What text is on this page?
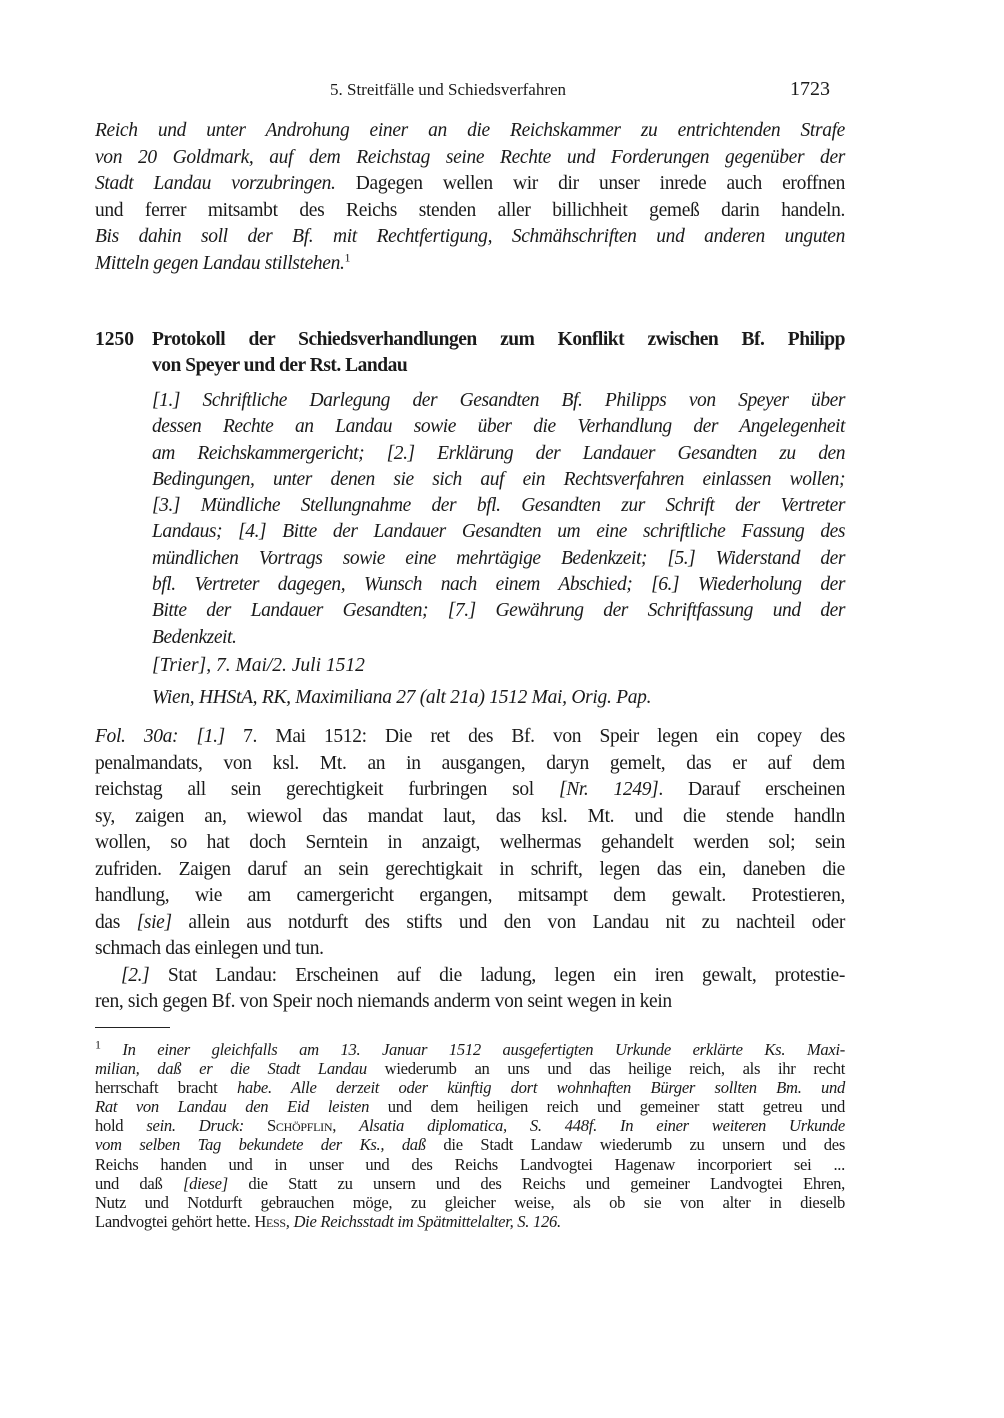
5. Streitfälle und Schiedsverfahren	1723
Reich und unter Androhung einer an die Reichskammer zu entrichtenden Strafe
von 20 Goldmark, auf dem Reichstag seine Rechte und Forderungen gegenüber der
Stadt Landau vorzubringen. Dagegen wellen wir dir unser inrede auch eroffnen
und ferrer mitsambt des Reichs stenden aller billichheit gemeß darin handeln.
Bis dahin soll der Bf. mit Rechtfertigung, Schmähschriften und anderen unguten
Mitteln gegen Landau stillstehen.$^1$
1250 Protokoll der Schiedsverhandlungen zum Konflikt zwischen Bf. Philipp
von Speyer und der Rst. Landau
[1.] Schriftliche Darlegung der Gesandten Bf. Philipps von Speyer über
dessen Rechte an Landau sowie über die Verhandlung der Angelegenheit
am Reichskammergericht; [2.] Erklärung der Landauer Gesandten zu den
Bedingungen, unter denen sie sich auf ein Rechtsverfahren einlassen wollen;
[3.] Mündliche Stellungnahme der bfl. Gesandten zur Schrift der Vertreter
Landaus; [4.] Bitte der Landauer Gesandten um eine schriftliche Fassung des
mündlichen Vortrags sowie eine mehrtägige Bedenkzeit; [5.] Widerstand der
bfl. Vertreter dagegen, Wunsch nach einem Abschied; [6.] Wiederholung der
Bitte der Landauer Gesandten; [7.] Gewährung der Schriftfassung und der
Bedenkzeit.
[Trier], 7. Mai/2. Juli 1512
Wien, HHStA, RK, Maximiliana 27 (alt 21a) 1512 Mai, Orig. Pap.
Fol. 30a: [1.] 7. Mai 1512: Die ret des Bf. von Speir legen ein copey des
penalmandats, von ksl. Mt. an in ausgangen, daryn gemelt, das er auf dem
reichstag all sein gerechtigkeit furbringen sol [Nr. 1249]. Darauf erscheinen
sy, zaigen an, wiewol das mandat laut, das ksl. Mt. und die stende handln
wollen, so hat doch Serntein in anzaigt, welhermas gehandelt werden sol; sein
zufriden. Zaigen daruf an sein gerechtigkait in schrift, legen das ein, daneben die
handlung, wie am camergericht ergangen, mitsampt dem gewalt. Protestieren,
das [sie] allein aus notdurft des stifts und den von Landau nit zu nachteil oder
schmach das einlegen und tun.
[2.] Stat Landau: Erscheinen auf die ladung, legen ein iren gewalt, protestie-
ren, sich gegen Bf. von Speir noch niemands anderm von seint wegen in kein
$^1$ In einer gleichfalls am 13. Januar 1512 ausgefertigten Urkunde erklärte Ks. Maxi-
milian, daß er die Stadt Landau wiederumb an uns und das heilige reich, als ihr recht
herrschaft bracht habe. Alle derzeit oder künftig dort wohnhaften Bürger sollten Bm. und
Rat von Landau den Eid leisten und dem heiligen reich und gemeiner statt getreu und
hold sein. Druck: Schöpflin, Alsatia diplomatica, S. 448f. In einer weiteren Urkunde
vom selben Tag bekundete der Ks., daß die Stadt Landaw wiederumb zu unsern und des
Reichs handen und in unser und des Reichs Landvogtei Hagenaw incorporiert sei ...
und daß [diese] die Statt zu unsern und des Reichs und gemeiner Landvogtei Ehren,
Nutz und Notdurft gebrauchen möge, zu gleicher weise, als ob sie von alter in dieselb
Landvogtei gehört hette. Hess, Die Reichsstadt im Spätmittelalter, S. 126.
